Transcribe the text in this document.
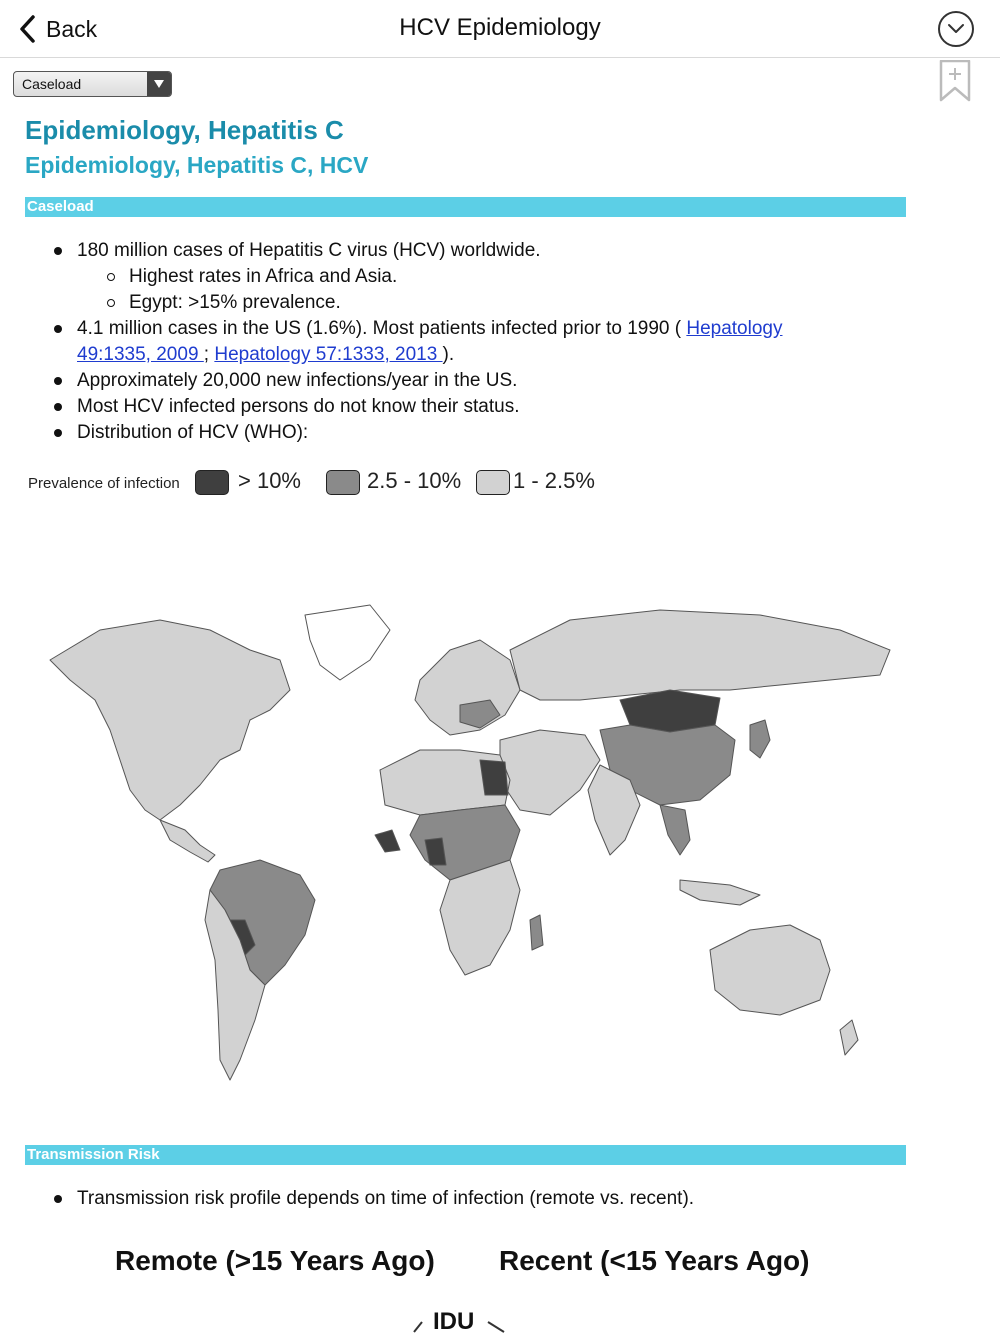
Back	HCV Epidemiology
Caseload
Epidemiology, Hepatitis C
Epidemiology, Hepatitis C, HCV
Caseload
180 million cases of Hepatitis C virus (HCV) worldwide.
Highest rates in Africa and Asia.
Egypt: >15% prevalence.
4.1 million cases in the US (1.6%). Most patients infected prior to 1990 ( Hepatology
49:1335, 2009 ; Hepatology 57:1333, 2013 ).
Approximately 20,000 new infections/year in the US.
Most HCV infected persons do not know their status.
Distribution of HCV (WHO):
Prevalence of infection	> 10%	2.5 - 10% 1 - 2.5%
Transmission Risk
Transmission risk profile depends on time of infection (remote vs. recent).
Remote (>15 Years Ago) Recent (<15 Years Ago)
IDU
